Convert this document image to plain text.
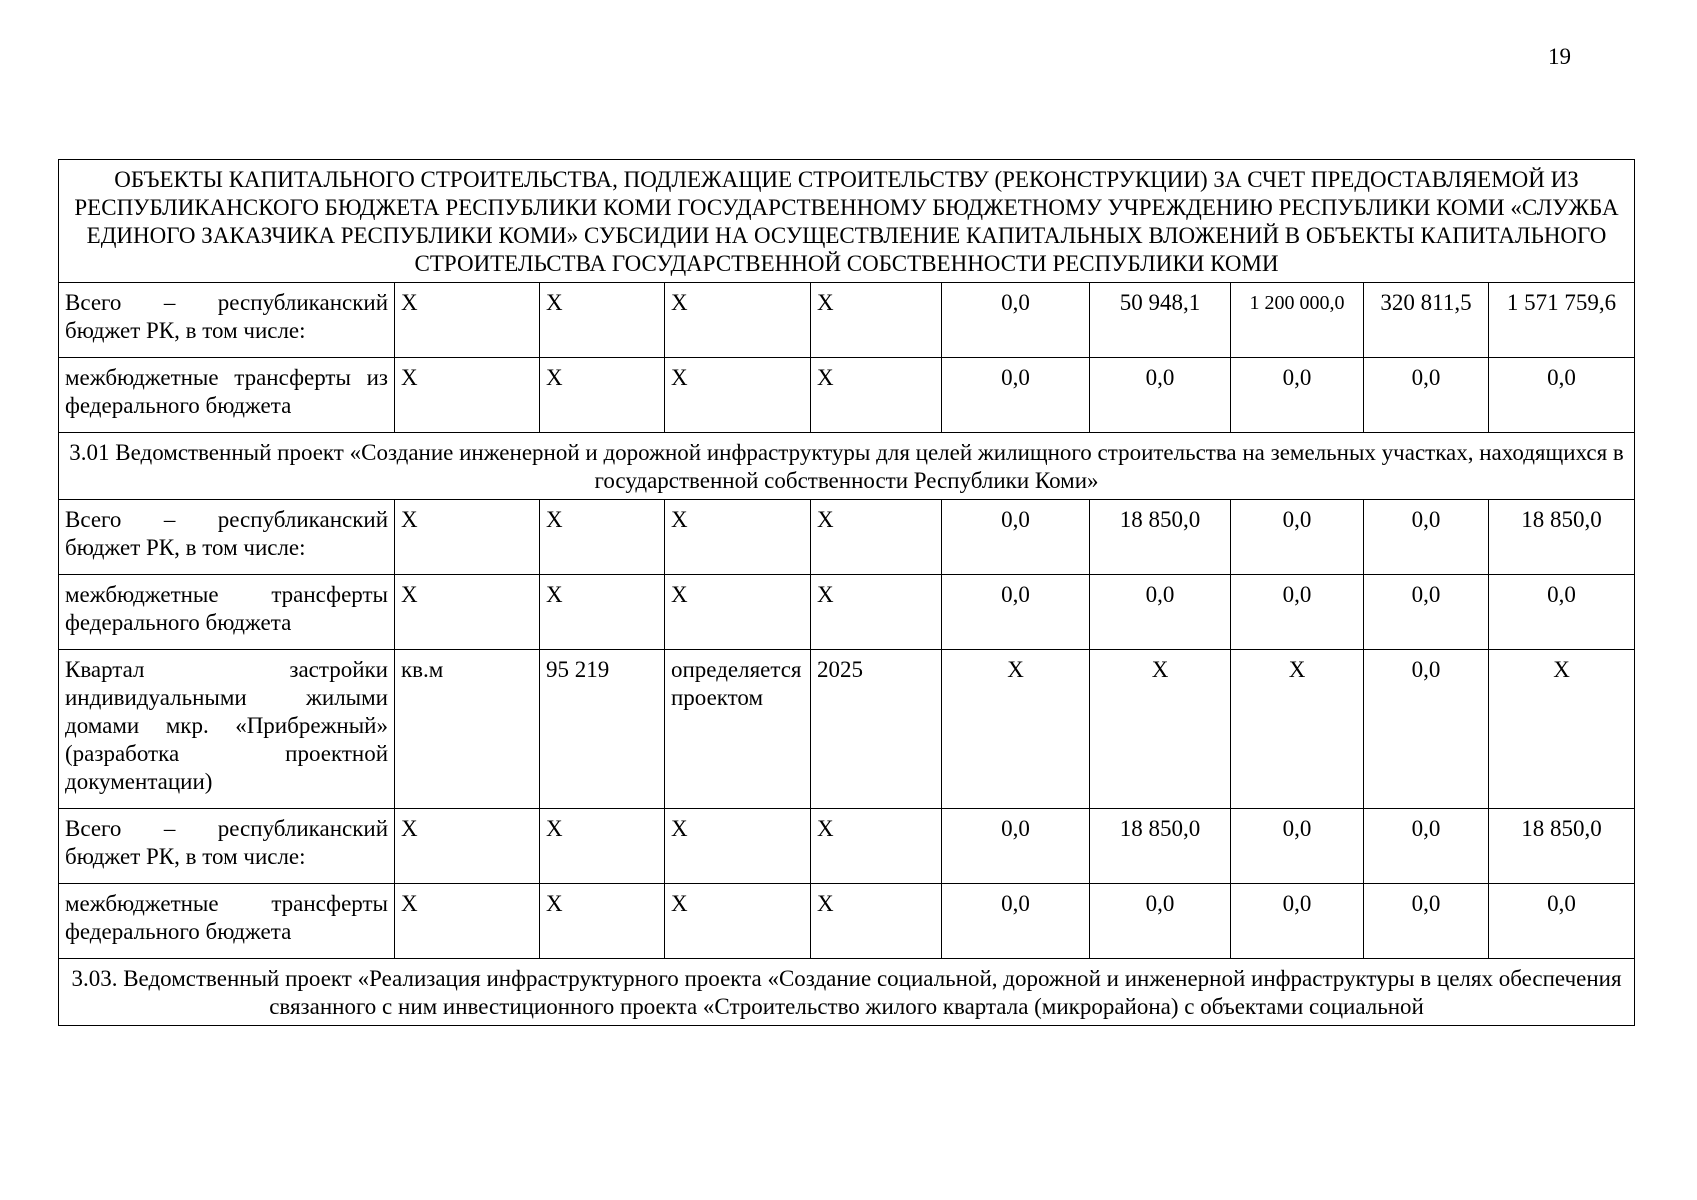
19
ОБЪЕКТЫ КАПИТАЛЬНОГО СТРОИТЕЛЬСТВА, ПОДЛЕЖАЩИЕ СТРОИТЕЛЬСТВУ (РЕКОНСТРУКЦИИ) ЗА СЧЕТ ПРЕДОСТАВЛЯЕМОЙ ИЗ РЕСПУБЛИКАНСКОГО БЮДЖЕТА РЕСПУБЛИКИ КОМИ ГОСУДАРСТВЕННОМУ БЮДЖЕТНОМУ УЧРЕЖДЕНИЮ РЕСПУБЛИКИ КОМИ «СЛУЖБА ЕДИНОГО ЗАКАЗЧИКА РЕСПУБЛИКИ КОМИ» СУБСИДИИ НА ОСУЩЕСТВЛЕНИЕ КАПИТАЛЬНЫХ ВЛОЖЕНИЙ В ОБЪЕКТЫ КАПИТАЛЬНОГО СТРОИТЕЛЬСТВА ГОСУДАРСТВЕННОЙ СОБСТВЕННОСТИ РЕСПУБЛИКИ КОМИ									
Всего – республиканский бюджет РК, в том числе:	X	X	X	X	0,0	50 948,1	1 200 000,0	320 811,5	1 571 759,6
межбюджетные трансферты из федерального бюджета	X	X	X	X	0,0	0,0	0,0	0,0	0,0
3.01 Ведомственный проект «Создание инженерной и дорожной инфраструктуры для целей жилищного строительства на земельных участках, находящихся в государственной собственности Республики Коми»									
Всего – республиканский бюджет РК, в том числе:	X	X	X	X	0,0	18 850,0	0,0	0,0	18 850,0
межбюджетные трансферты федерального бюджета	X	X	X	X	0,0	0,0	0,0	0,0	0,0
Квартал застройки индивидуальными жилыми домами мкр. «Прибрежный» (разработка проектной документации)	кв.м	95 219	определяется проектом	2025	X	X	X	0,0	X
Всего – республиканский бюджет РК, в том числе:	X	X	X	X	0,0	18 850,0	0,0	0,0	18 850,0
межбюджетные трансферты федерального бюджета	X	X	X	X	0,0	0,0	0,0	0,0	0,0
3.03. Ведомственный проект «Реализация инфраструктурного проекта «Создание социальной, дорожной и инженерной инфраструктуры в целях обеспечения связанного с ним инвестиционного проекта «Строительство жилого квартала (микрорайона) с объектами социальной									
